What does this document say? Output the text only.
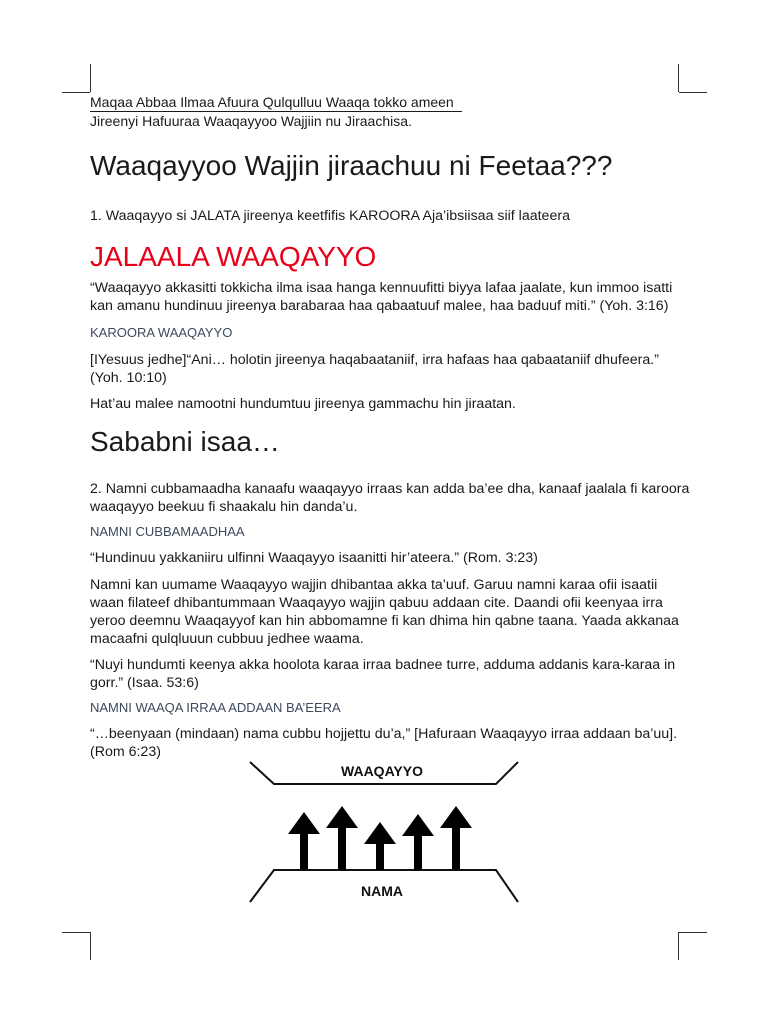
Maqaa Abbaa Ilmaa Afuura Qulqulluu Waaqa tokko ameen
Jireenyi Hafuuraa Waaqayyoo Wajjiin nu Jiraachisa.
Waaqayyoo Wajjin jiraachuu ni Feetaa???

1. Waaqayyo si JALATA jireenya keetfifis KAROORA Aja’ibsiisaa siif laateera

JALAALA WAAQAYYO

“Waaqayyo akkasitti tokkicha ilma isaa hanga kennuufitti biyya lafaa jaalate, kun immoo isatti kan amanu hundinuu jireenya barabaraa haa qabaatuuf malee, haa baduuf miti.” (Yoh. 3:16)

KAROORA WAAQAYYO

[IYesuus jedhe]“Ani… holotin jireenya haqabaataniif, irra hafaas haa qabaataniif dhufeera.” (Yoh. 10:10)

Hat’au malee namootni hundumtuu jireenya gammachu hin jiraatan.

Sababni isaa…

2. Namni cubbamaadha kanaafu waaqayyo irraas kan adda ba’ee dha, kanaaf jaalala fi karoora waaqayyo beekuu fi shaakalu hin danda’u.

NAMNI CUBBAMAADHAA

“Hundinuu yakkaniiru ulfinni Waaqayyo isaanitti hir’ateera.” (Rom. 3:23)

Namni kan uumame Waaqayyo wajjin dhibantaa akka ta’uuf. Garuu namni karaa ofii isaatii waan filateef dhibantummaan Waaqayyo wajjin qabuu addaan cite. Daandi ofii keenyaa irra yeroo deemnu Waaqayyof kan hin abbomamne fi kan dhima hin qabne taana. Yaada akkanaa macaafni qulqluuun cubbuu jedhee waama.

“Nuyi hundumti keenya akka hoolota karaa irraa badnee turre, adduma addanis kara-karaa in gorr.” (Isaa. 53:6)

NAMNI WAAQA IRRAA ADDAAN BA’EERA

“…beenyaan (mindaan) nama cubbu hojjettu du’a,” [Hafuraan Waaqayyo irraa addaan ba’uu]. (Rom 6:23)

WAAQAYYO
NAMA
